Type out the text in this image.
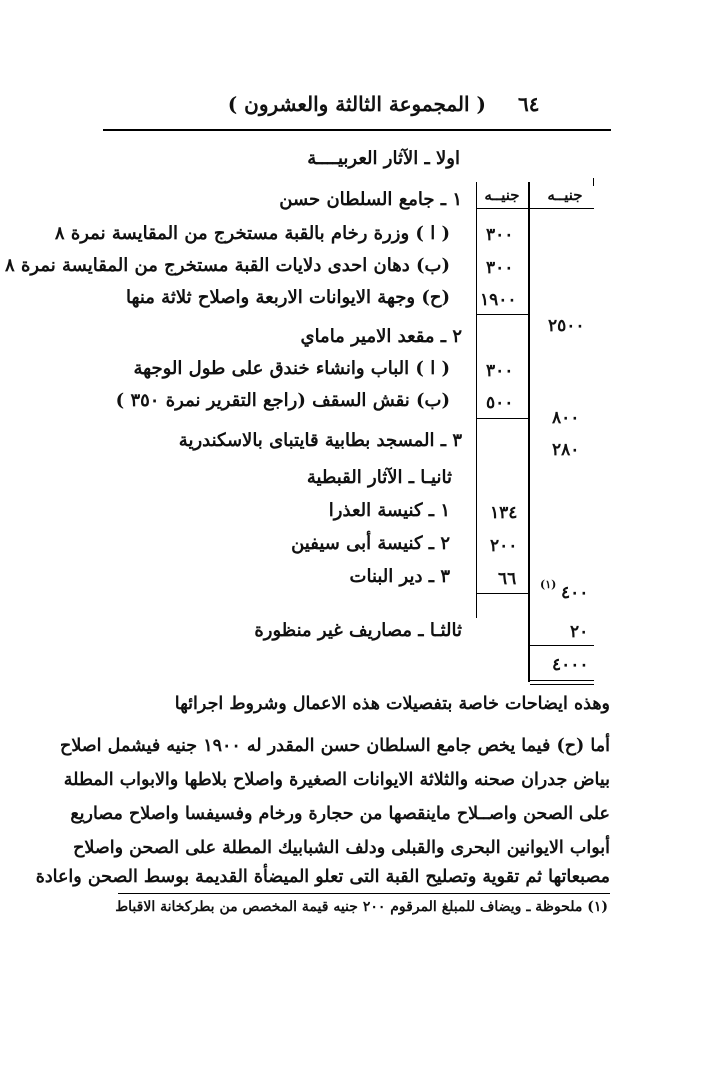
٦٤
( المجموعة الثالثة والعشرون )
اولا ـ الآثار العربيــــة
جنيــه	جنيــه
١ ـ جامع السلطان حسن
( ا ) وزرة رخام بالقبة مستخرج من المقايسة نمرة ٨
(ب) دهان احدى دلايات القبة مستخرج من المقايسة نمرة ٨
(ح) وجهة الايوانات الاربعة واصلاح ثلاثة منها
٢ ـ مقعد الامير ماماي
( ا ) الباب وانشاء خندق على طول الوجهة
(ب) نقش السقف (راجع التقرير نمرة ٣٥٠ )
٣ ـ المسجد بطابية قايتباى بالاسكندرية
ثانيـا ـ الآثار القبطية
١ ـ كنيسة العذرا
٢ ـ كنيسة أبى سيفين
٣ ـ دير البنات
ثالثـا ـ مصاريف غير منظورة
٣٠٠
٣٠٠
١٩٠٠
٣٠٠
٥٠٠
١٣٤
٢٠٠
٦٦
٢٥٠٠
٨٠٠
٢٨٠
٤٠٠
(١)
٢٠
٤٠٠٠
وهذه ايضاحات خاصة بتفصيلات هذه الاعمال وشروط اجرائها
أما (ح) فيما يخص جامع السلطان حسن المقدر له ١٩٠٠ جنيه فيشمل اصلاح
بياض جدران صحنه والثلاثة الايوانات الصغيرة واصلاح بلاطها والابواب المطلة
على الصحن واصــلاح ماينقصها من حجارة ورخام وفسيفسا واصلاح مصاريع
أبواب الايوانين البحرى والقبلى ودلف الشبابيك المطلة على الصحن واصلاح
مصبعاتها ثم تقوية وتصليح القبة التى تعلو الميضأة القديمة بوسط الصحن واعادة
(١) ملحوظة ـ ويضاف للمبلغ المرقوم ٢٠٠ جنيه قيمة المخصص من بطركخانة الاقباط
